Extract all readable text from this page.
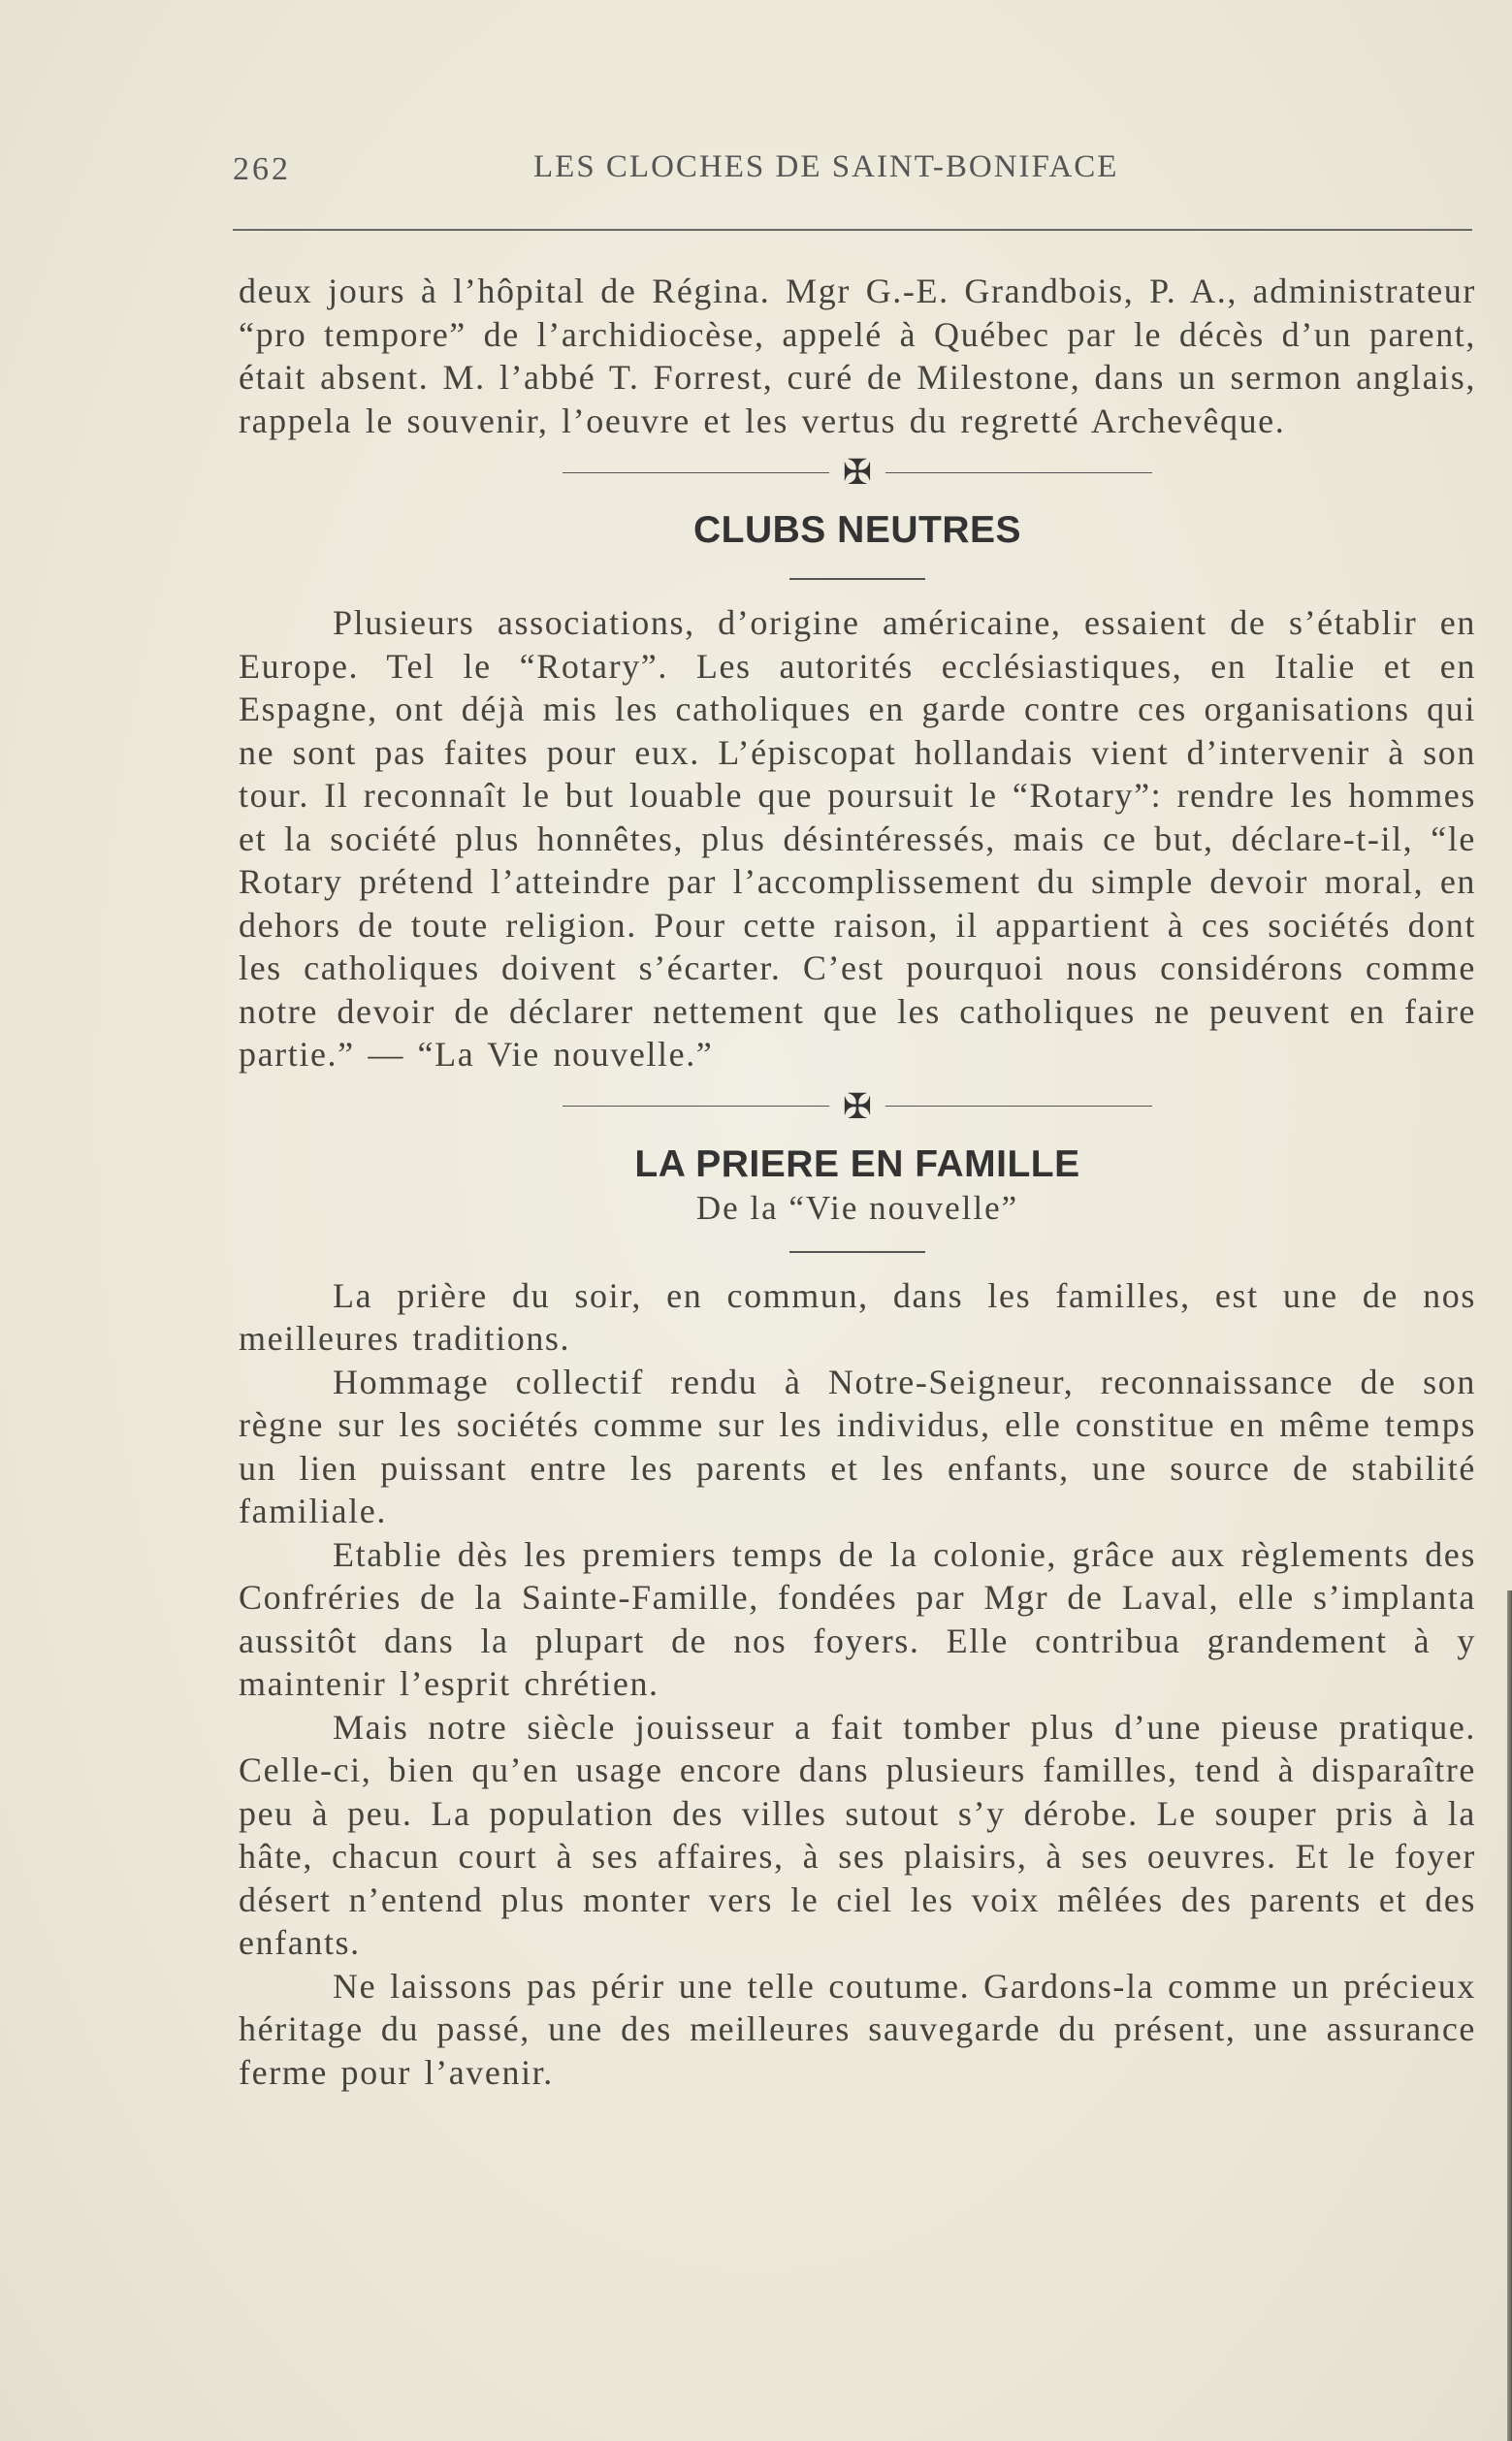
262	LES CLOCHES DE SAINT-BONIFACE

deux jours à l’hôpital de Régina. Mgr G.-E. Grandbois, P. A., administrateur “pro tempore” de l’archidiocèse, appelé à Québec par le décès d’un parent, était absent. M. l’abbé T. Forrest, curé de Milestone, dans un sermon anglais, rappela le souvenir, l’oeuvre et les vertus du regretté Archevêque.

✠
CLUBS NEUTRES

Plusieurs associations, d’origine américaine, essaient de s’établir en Europe. Tel le “Rotary”. Les autorités ecclésiastiques, en Italie et en Espagne, ont déjà mis les catholiques en garde contre ces organisations qui ne sont pas faites pour eux. L’épiscopat hollandais vient d’intervenir à son tour. Il reconnaît le but louable que poursuit le “Rotary”: rendre les hommes et la société plus honnêtes, plus désintéressés, mais ce but, déclare-t-il, “le Rotary prétend l’atteindre par l’accomplissement du simple devoir moral, en dehors de toute religion. Pour cette raison, il appartient à ces sociétés dont les catholiques doivent s’écarter. C’est pourquoi nous considérons comme notre devoir de déclarer nettement que les catholiques ne peuvent en faire partie.” — “La Vie nouvelle.”

✠
LA PRIERE EN FAMILLE
De la “Vie nouvelle”

La prière du soir, en commun, dans les familles, est une de nos meilleures traditions.

Hommage collectif rendu à Notre-Seigneur, reconnaissance de son règne sur les sociétés comme sur les individus, elle constitue en même temps un lien puissant entre les parents et les enfants, une source de stabilité familiale.

Etablie dès les premiers temps de la colonie, grâce aux règlements des Confréries de la Sainte-Famille, fondées par Mgr de Laval, elle s’implanta aussitôt dans la plupart de nos foyers. Elle contribua grandement à y maintenir l’esprit chrétien.

Mais notre siècle jouisseur a fait tomber plus d’une pieuse pratique. Celle-ci, bien qu’en usage encore dans plusieurs familles, tend à disparaître peu à peu. La population des villes sutout s’y dérobe. Le souper pris à la hâte, chacun court à ses affaires, à ses plaisirs, à ses oeuvres. Et le foyer désert n’entend plus monter vers le ciel les voix mêlées des parents et des enfants.

Ne laissons pas périr une telle coutume. Gardons-la comme un précieux héritage du passé, une des meilleures sauvegarde du présent, une assurance ferme pour l’avenir.
